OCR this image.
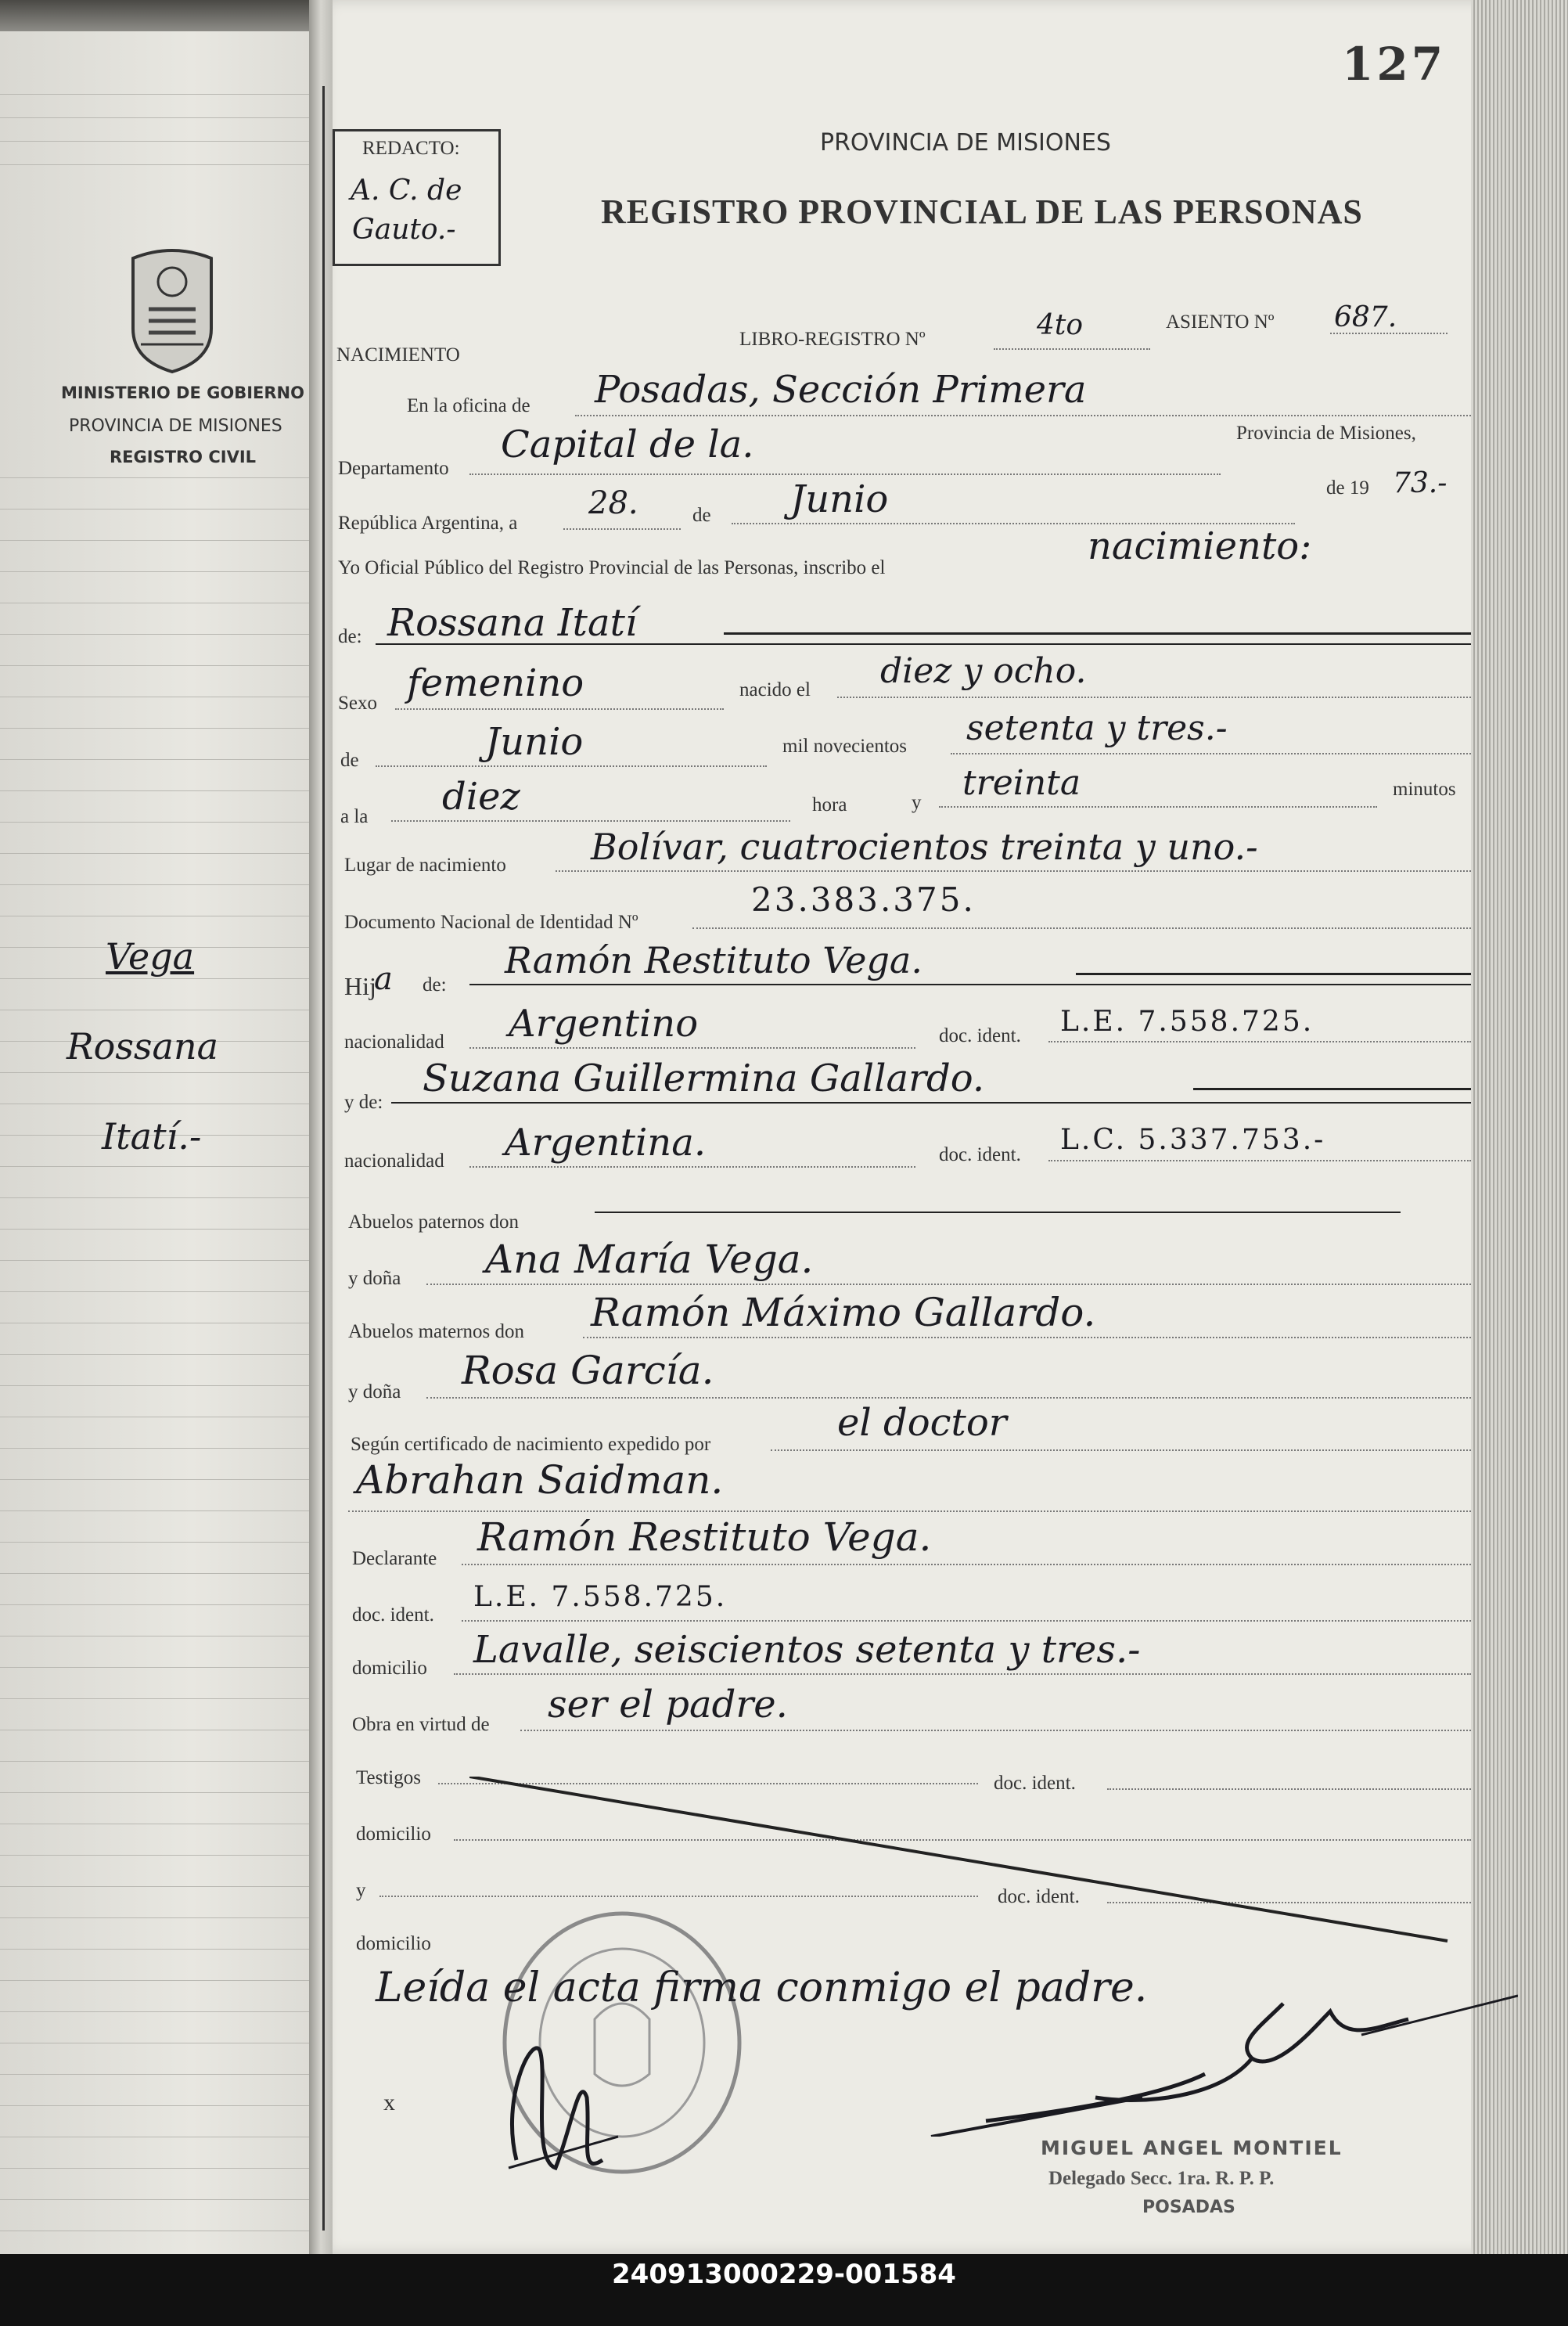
MINISTERIO DE GOBIERNO
PROVINCIA DE MISIONES
REGISTRO CIVIL
Vega
Rossana
Itatí.-
127
REDACTO:
A. C. de
Gauto.-
PROVINCIA DE MISIONES
REGISTRO PROVINCIAL DE LAS PERSONAS
NACIMIENTO
LIBRO-REGISTRO Nº	4to	ASIENTO Nº 687.
En la oficina de Posadas, Sección Primera
Departamento
Capital de la.	Provincia de Misiones,
República Argentina, a
28.	de Junio	de 19 73.-
Yo Oficial Público del Registro Provincial de las Personas, inscribo el	nacimiento:
de: Rossana Itatí
Sexo femenino	nacido el diez y ocho.
de	Junio	mil novecientos setenta y tres.-
a la diez	hora	y treinta	minutos
Lugar de nacimiento Bolívar, cuatrocientos treinta y uno.-
Documento Nacional de Identidad Nº
23.383.375.
Hij
a de:
Ramón Restituto Vega.
nacionalidad Argentino	doc. ident. L.E. 7.558.725.
y de:
Suzana Guillermina Gallardo.
nacionalidad Argentina.	doc. ident. L.C. 5.337.753.-
Abuelos paternos don
y doña Ana María Vega.
Abuelos maternos don Ramón Máximo Gallardo.
y doña Rosa García.
Según certificado de nacimiento expedido por	el doctor
Abrahan Saidman.
Declarante Ramón Restituto Vega.
doc. ident.
L.E. 7.558.725.
domicilio Lavalle, seiscientos setenta y tres.-
Obra en virtud de ser el padre.
Testigos	doc. ident.
domicilio
y	doc. ident.
domicilio
Leída el acta firma conmigo el padre.
x
MIGUEL ANGEL MONTIEL
Delegado Secc. 1ra. R. P. P.
POSADAS
240913000229-001584
